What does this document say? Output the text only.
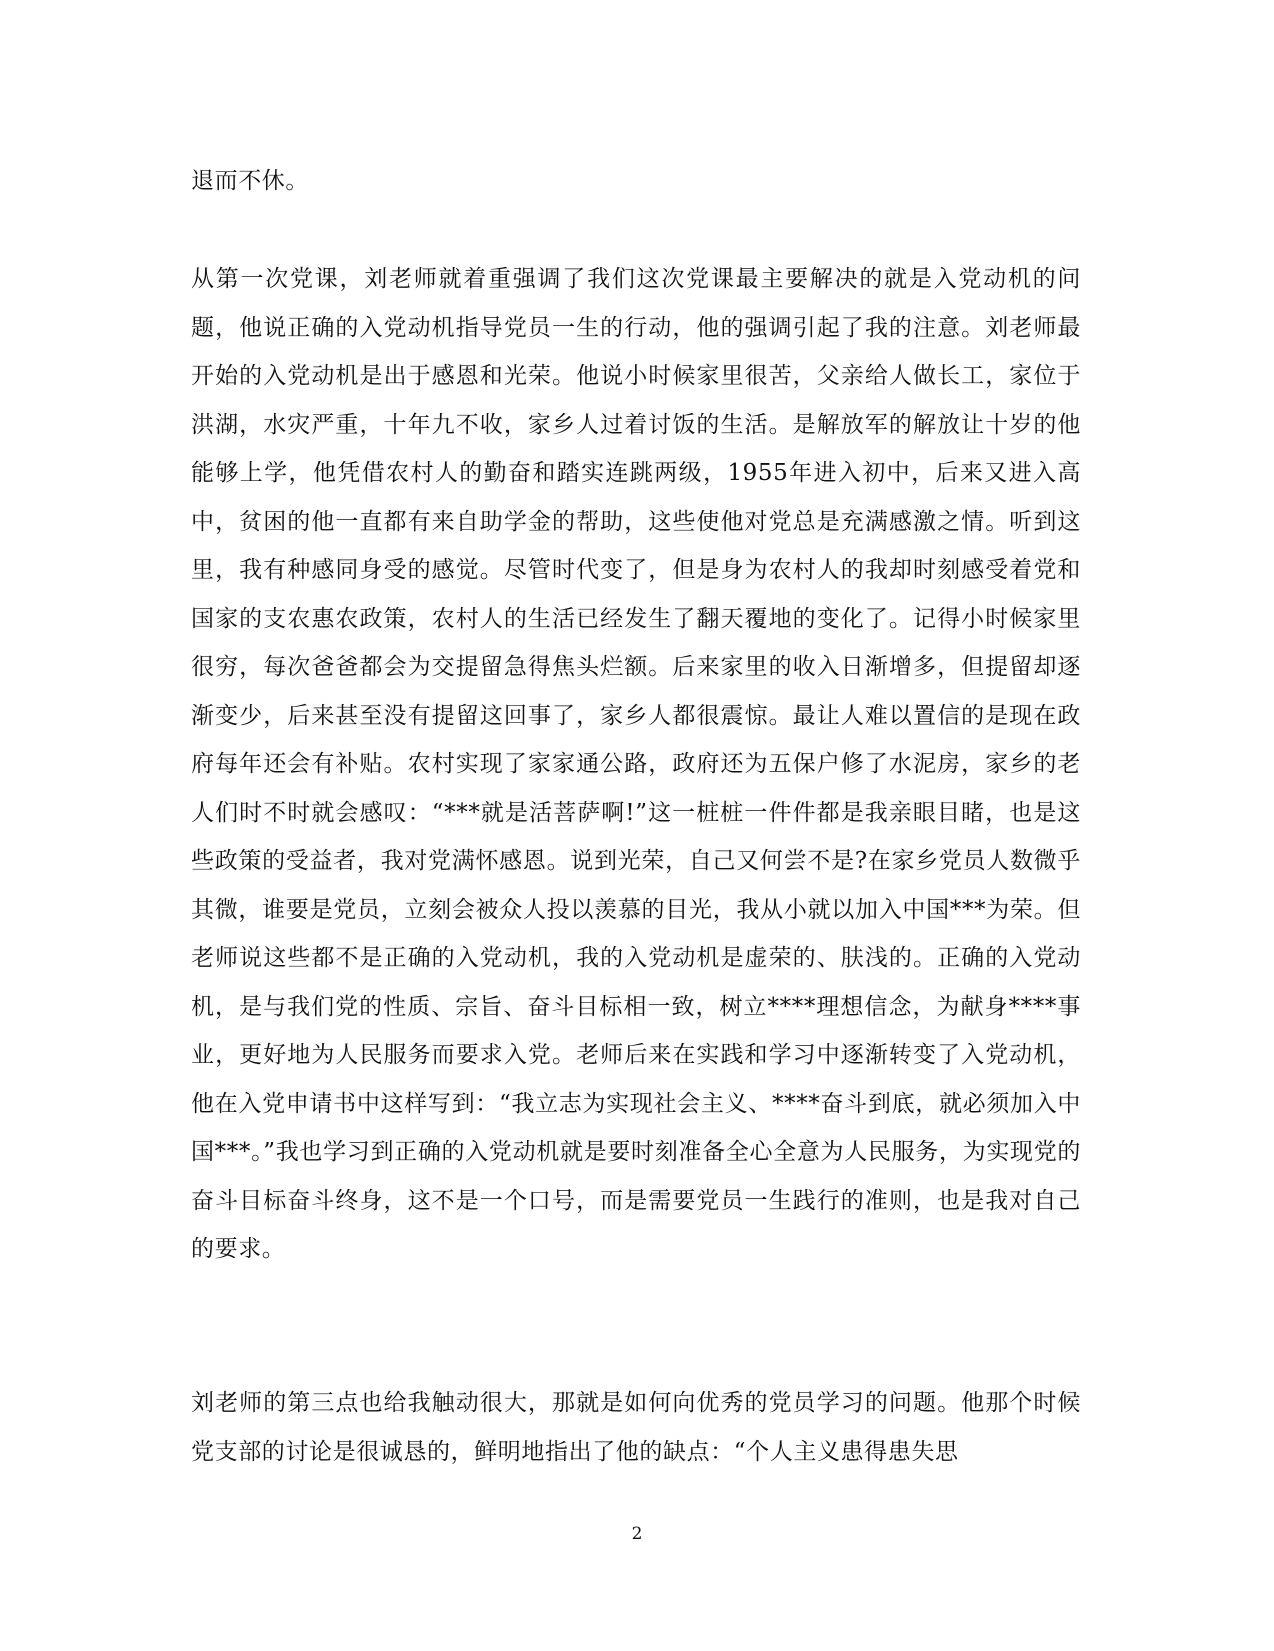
退而不休。

从第一次党课，刘老师就着重强调了我们这次党课最主要解决的就是入党动机的问题，他说正确的入党动机指导党员一生的行动，他的强调引起了我的注意。刘老师最开始的入党动机是出于感恩和光荣。他说小时候家里很苦，父亲给人做长工，家位于洪湖，水灾严重，十年九不收，家乡人过着讨饭的生活。是解放军的解放让十岁的他能够上学，他凭借农村人的勤奋和踏实连跳两级，1955年进入初中，后来又进入高中，贫困的他一直都有来自助学金的帮助，这些使他对党总是充满感激之情。听到这里，我有种感同身受的感觉。尽管时代变了，但是身为农村人的我却时刻感受着党和国家的支农惠农政策，农村人的生活已经发生了翻天覆地的变化了。记得小时候家里很穷，每次爸爸都会为交提留急得焦头烂额。后来家里的收入日渐增多，但提留却逐渐变少，后来甚至没有提留这回事了，家乡人都很震惊。最让人难以置信的是现在政府每年还会有补贴。农村实现了家家通公路，政府还为五保户修了水泥房，家乡的老人们时不时就会感叹：“***就是活菩萨啊!”这一桩桩一件件都是我亲眼目睹，也是这些政策的受益者，我对党满怀感恩。说到光荣，自己又何尝不是?在家乡党员人数微乎其微，谁要是党员，立刻会被众人投以羡慕的目光，我从小就以加入中国***为荣。但老师说这些都不是正确的入党动机，我的入党动机是虚荣的、肤浅的。正确的入党动机，是与我们党的性质、宗旨、奋斗目标相一致，树立****理想信念，为献身****事业，更好地为人民服务而要求入党。老师后来在实践和学习中逐渐转变了入党动机，他在入党申请书中这样写到：“我立志为实现社会主义、****奋斗到底，就必须加入中国***。”我也学习到正确的入党动机就是要时刻准备全心全意为人民服务，为实现党的奋斗目标奋斗终身，这不是一个口号，而是需要党员一生践行的准则，也是我对自己的要求。

刘老师的第三点也给我触动很大，那就是如何向优秀的党员学习的问题。他那个时候党支部的讨论是很诚恳的，鲜明地指出了他的缺点：“个人主义患得患失思

2
